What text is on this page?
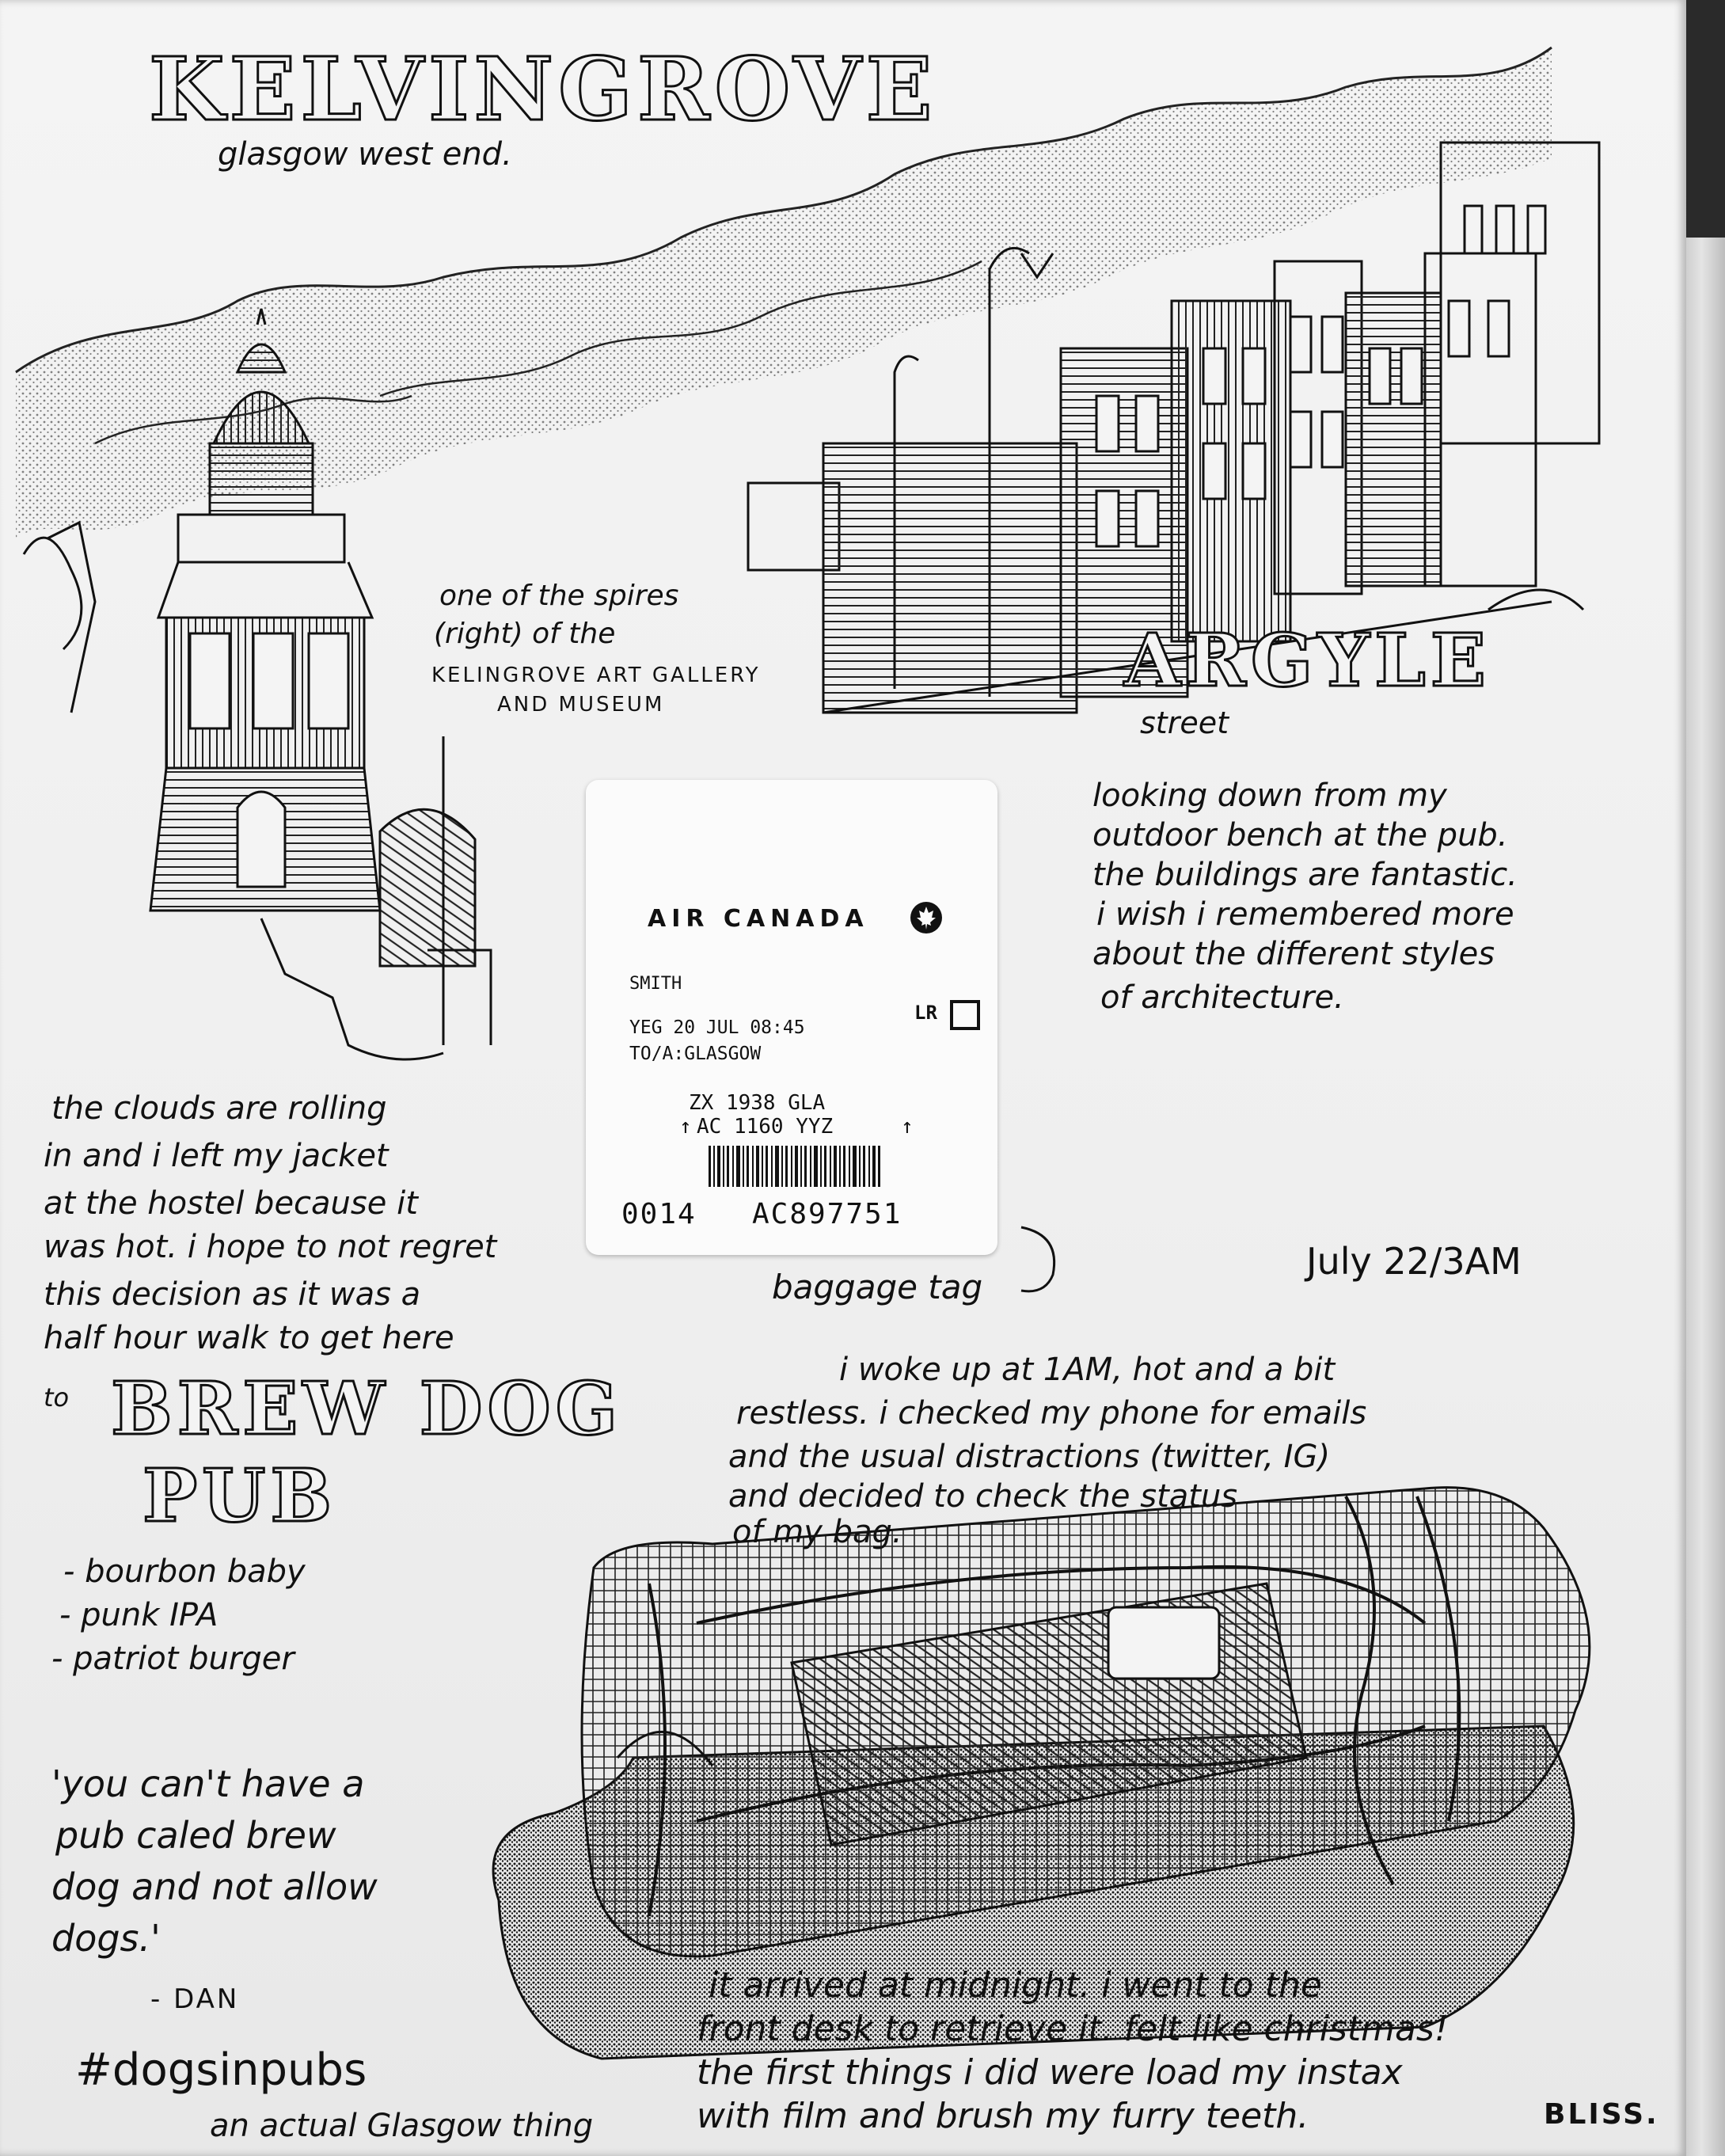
KELVINGROVE
glasgow west end.
one of the spires
(right) of the
KELINGROVE ART GALLERY
AND MUSEUM
ARGYLE
street
looking down from my
outdoor bench at the pub.
the buildings are fantastic.
i wish i remembered more
about the different styles
of architecture.
AIR CANADA
SMITH
LR
YEG 20 JUL 08:45
TO/A:GLASGOW
ZX 1938 GLA
↑ AC 1160 YYZ	↑
0014 AC897751
baggage tag
the clouds are rolling
in and i left my jacket
at the hostel because it
was hot. i hope to not regret
this decision as it was a
half hour walk to get here
to BREW DOG
PUB
- bourbon baby
- punk IPA
- patriot burger
'you can't have a
pub caled brew
dog and not allow
dogs.'
- DAN
#dogsinpubs
an actual Glasgow thing
July 22/3AM
i woke up at 1AM, hot and a bit
restless. i checked my phone for emails
and the usual distractions (twitter, IG)
and decided to check the status
of my bag.
it arrived at midnight. i went to the
front desk to retrieve it. felt like christmas!
the first things i did were load my instax
with film and brush my furry teeth.	BLISS.
